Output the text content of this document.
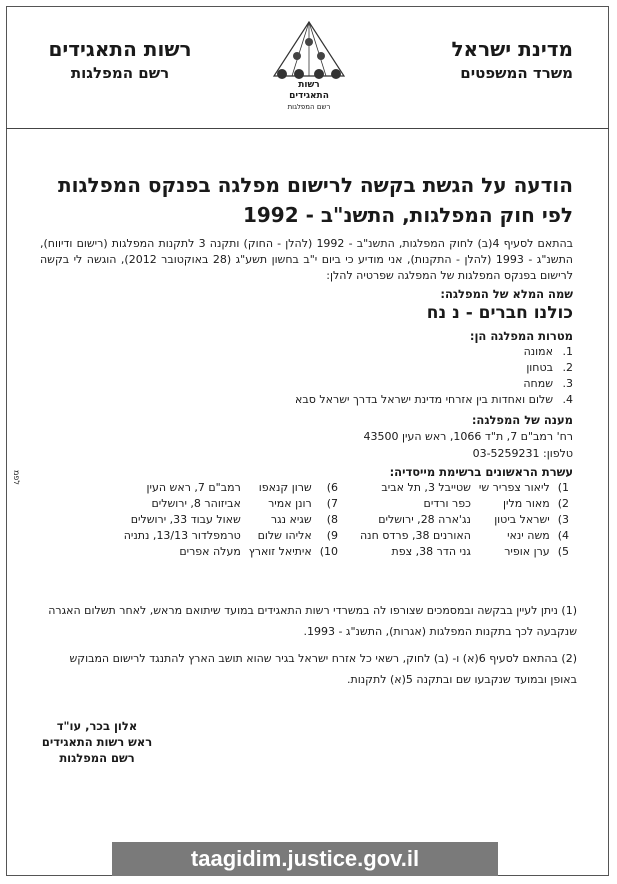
מדינת ישראל
משרד המשפטים
רשות
התאגידים
רשם המפלגות
רשות התאגידים
רשם המפלגות
הודעה על הגשת בקשה לרישום מפלגה בפנקס המפלגות
לפי חוק המפלגות, התשנ"ב - 1992
בהתאם לסעיף 4(ב) לחוק המפלגות, התשנ"ב - 1992 (להלן - החוק) ותקנה 3 לתקנות המפלגות (רישום ודיווח), התשנ"ג - 1993 (להלן - התקנות), אני מודיע כי ביום י"ב בחשון תשע"ג (28 באוקטובר 2012), הוגשה לי בקשה לרישום בפנקס המפלגות של המפלגה שפרטיה להלן:
שמה המלא של המפלגה:
כולנו חברים - נ נח
מטרות המפלגה הן:
1.אמונה
2.בטחון
3.שמחה
4.שלום ואחדות בין אזרחי מדינת ישראל בדרך ישראל סבא
מענה של המפלגה:
רח' רמב"ם 7, ת"ד 1066, ראש העין 43500
טלפון: 03-5259231
עשרת הראשונים ברשימת מייסדיה:
1)	ליאור צפריר שי	שטייבל 3, תל אביב	6)	שרון קנאפו	רמב"ם 7, ראש העין
2)	מאור מלין	כפר ורדים	7)	רונן אמיר	אביזוהר 8, ירושלים
3)	ישראל ביטון	נג'ארה 28, ירושלים	8)	שגיא נגר	שאול עבוד 33, ירושלים
4)	משה ינאי	האורנים 38, פרדס חנה	9)	אליהו שלום	טרמפלדור 13/13, נתניה
5)	ערן אופיר	גני הדר 38, צפת	10)	איתיאל זוארץ	מעלה אפרים
(1) ניתן לעיין בבקשה ובמסמכים שצורפו לה במשרדי רשות התאגידים במועד שיתואם מראש, לאחר תשלום האגרה שנקבעה לכך בתקנות המפלגות (אגרות), התשנ"ג - 1993.
(2) בהתאם לסעיף 6(א) ו- (ב) לחוק, רשאי כל אזרח ישראל בגיר שהוא תושב הארץ להתנגד לרישום המבוקש באופן ובמועד שנקבעו שם ובתקנה 5(א) לתקנות.
אלון בכר, עו"ד
ראש רשות התאגידים
רשם המפלגות
לפמ
taagidim.justice.gov.il
